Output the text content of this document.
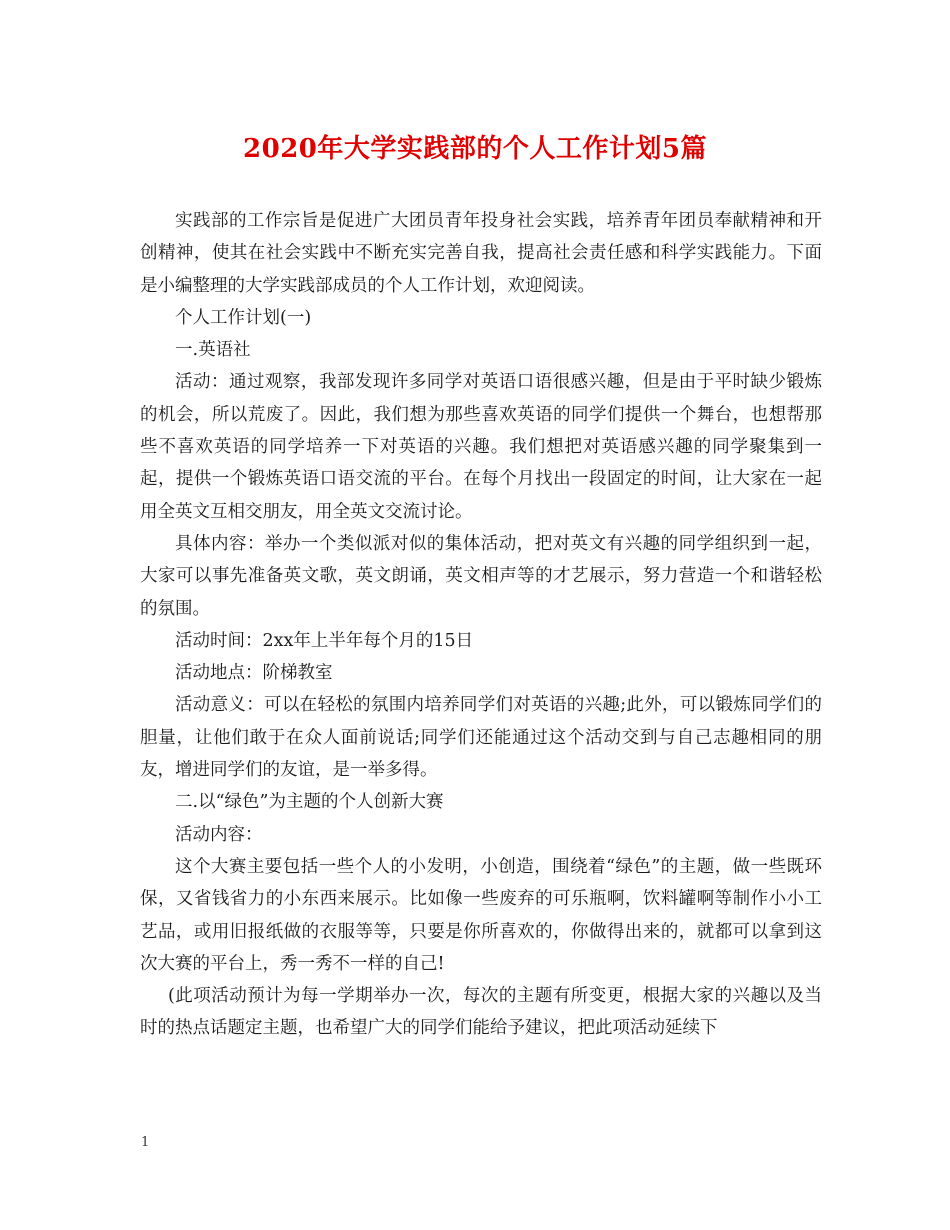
2020年大学实践部的个人工作计划5篇

实践部的工作宗旨是促进广大团员青年投身社会实践，培养青年团员奉献精神和开创精神，使其在社会实践中不断充实完善自我，提高社会责任感和科学实践能力。下面是小编整理的大学实践部成员的个人工作计划，欢迎阅读。

个人工作计划(一)

一.英语社

活动：通过观察，我部发现许多同学对英语口语很感兴趣，但是由于平时缺少锻炼的机会，所以荒废了。因此，我们想为那些喜欢英语的同学们提供一个舞台，也想帮那些不喜欢英语的同学培养一下对英语的兴趣。我们想把对英语感兴趣的同学聚集到一起，提供一个锻炼英语口语交流的平台。在每个月找出一段固定的时间，让大家在一起用全英文互相交朋友，用全英文交流讨论。

具体内容：举办一个类似派对似的集体活动，把对英文有兴趣的同学组织到一起，大家可以事先准备英文歌，英文朗诵，英文相声等的才艺展示，努力营造一个和谐轻松的氛围。

活动时间：2xx年上半年每个月的15日

活动地点：阶梯教室

活动意义：可以在轻松的氛围内培养同学们对英语的兴趣;此外，可以锻炼同学们的胆量，让他们敢于在众人面前说话;同学们还能通过这个活动交到与自己志趣相同的朋友，增进同学们的友谊，是一举多得。

二.以“绿色”为主题的个人创新大赛

活动内容：

这个大赛主要包括一些个人的小发明，小创造，围绕着“绿色”的主题，做一些既环保，又省钱省力的小东西来展示。比如像一些废弃的可乐瓶啊，饮料罐啊等制作小小工艺品，或用旧报纸做的衣服等等，只要是你所喜欢的，你做得出来的，就都可以拿到这次大赛的平台上，秀一秀不一样的自己!

(此项活动预计为每一学期举办一次，每次的主题有所变更，根据大家的兴趣以及当时的热点话题定主题，也希望广大的同学们能给予建议，把此项活动延续下

1
